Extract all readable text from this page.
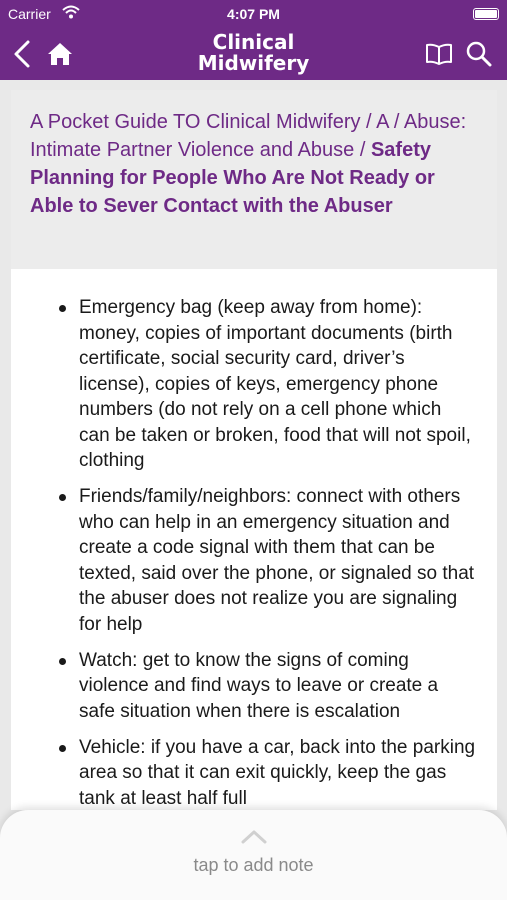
Carrier	4:07 PM
Clinical
Midwifery
A Pocket Guide TO Clinical Midwifery / A / Abuse: Intimate Partner Violence and Abuse / Safety Planning for People Who Are Not Ready or Able to Sever Contact with the Abuser
Emergency bag (keep away from home): money, copies of important documents (birth certificate, social security card, driver’s license), copies of keys, emergency phone numbers (do not rely on a cell phone which can be taken or broken, food that will not spoil, clothing
Friends/family/neighbors: connect with others who can help in an emergency situation and create a code signal with them that can be texted, said over the phone, or signaled so that the abuser does not realize you are signaling for help
Watch: get to know the signs of coming violence and find ways to leave or create a safe situation when there is escalation
Vehicle: if you have a car, back into the parking area so that it can exit quickly, keep the gas tank at least half full
tap to add note
